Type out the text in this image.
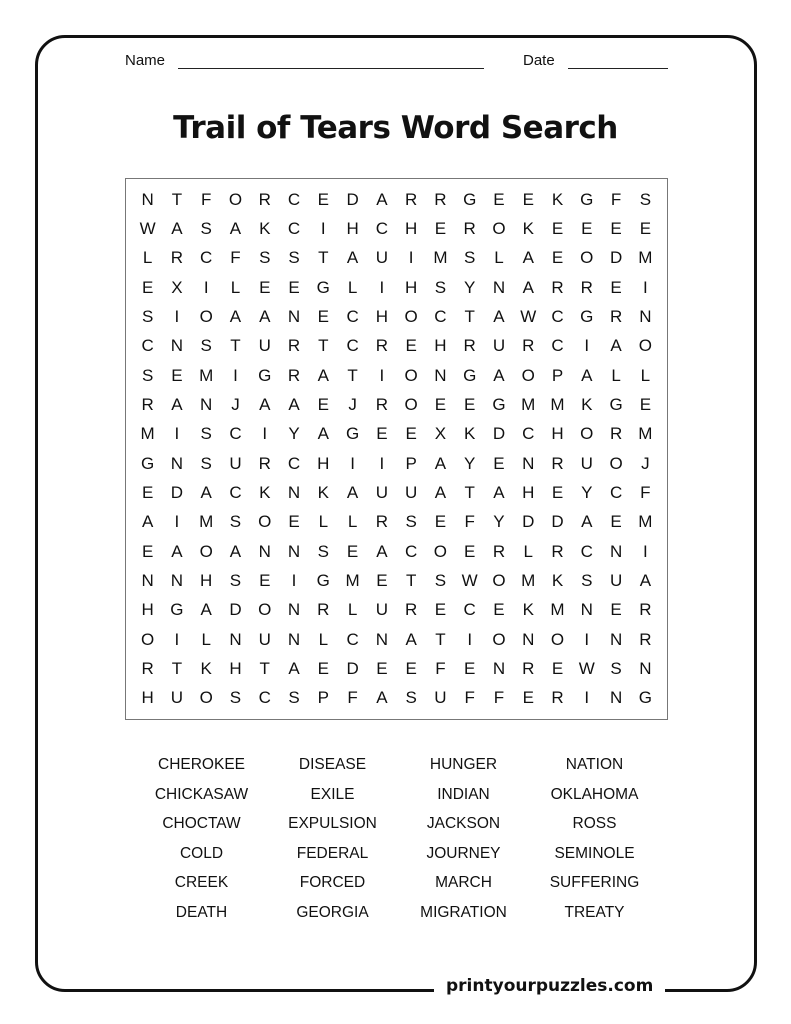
Name	Date
Trail of Tears Word Search
N	T	F	O R	C	E	D	A	R	R G	E	E	K G	F	S
W A	S	A	K	C	I	H	C H	E	R O K	E	E	E	E
L	R	C	F	S	S	T	A	U	I	M S	L	A	E O D M
E	X	I	L	E	E G	L	I	H	S	Y	N	A	R	R	E	I
S	I	O	A	A	N	E	C	H O C	T	A W C G R	N
C	N	S	T	U	R	T	C	R	E	H	R	U R	C	I	A O
S	E M	I	G R	A	T	I	O N G	A O P	A	L	L
R	A	N	J	A	A	E	J	R O E	E G M M K G	E
M	I	S	C	I	Y	A G	E	E	X	K	D C	H O R M
G N	S	U R	C	H	I	I	P	A	Y	E	N	R	U O	J
E	D	A	C	K	N	K	A	U U	A	T	A	H	E	Y	C	F
A	I	M S O E	L	L	R	S	E	F	Y	D	D	A	E M
E	A O	A	N	N	S	E	A	C O	E	R	L	R	C	N	I
N	N	H	S	E	I	G M E	T	S W O M K	S	U	A
H G	A	D O N	R	L	U R	E	C	E	K M N	E	R
O	I	L	N U	N	L	C	N	A	T	I	O N O	I	N	R
R	T	K	H	T	A	E	D	E	E	F	E	N R	E W S	N
H	U O	S	C	S	P	F	A	S	U	F	F	E	R	I	N G
CHEROKEE	DISEASE	HUNGER	NATION
CHICKASAW	EXILE	INDIAN	OKLAHOMA
CHOCTAW	EXPULSION	JACKSON	ROSS
COLD	FEDERAL	JOURNEY	SEMINOLE
CREEK	FORCED	MARCH	SUFFERING
DEATH	GEORGIA	MIGRATION	TREATY
printyourpuzzles.com
